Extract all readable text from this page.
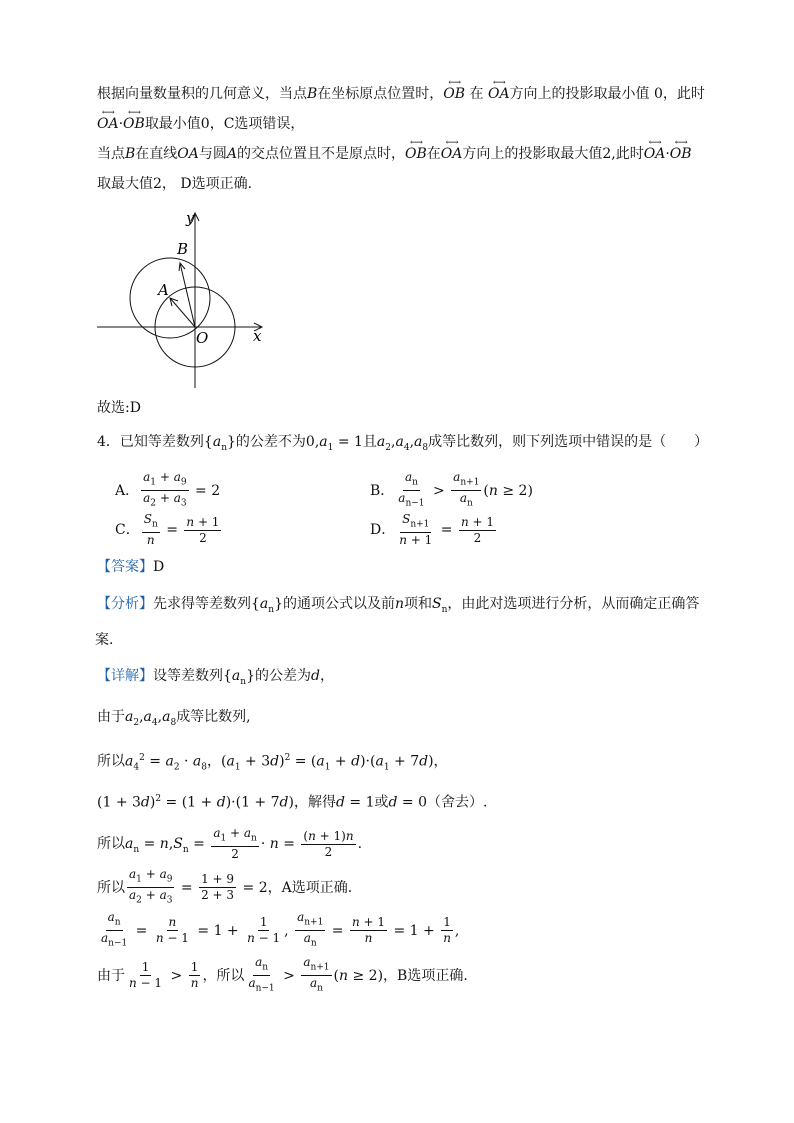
根据向量数量积的几何意义，当点B在坐标原点位置时，⟷ OB 在 ⟷ OA方向上的投影取最小值 0，此时
⟷ OA·⟷ OB取最小值0，C选项错误，
当点B在直线OA与圆A的交点位置且不是原点时，⟷ OB在⟷ OA方向上的投影取最大值2,此时⟷ OA·⟷ OB
取最大值2， D选项正确.
y
B
A
O	x
故选:D
4．已知等差数列$\{a_n\}$的公差不为$0,a_1 = 1$且$a_2,a_4,a_8$成等比数列，则下列选项中错误的是（　　）
A． $\frac{a_1 + a_9}{a_2 + a_3} = 2$	B． $\frac{a_n}{a_{n-1}} > \frac{a_{n+1}}{a_n} (n \ge 2)$
C． $\frac{S_n}{n} = \frac{n + 1}{2}$	D． $\frac{S_{n+1}}{n + 1} = \frac{n + 1}{2}$
【答案】D
【分析】先求得等差数列$\{a_n\}$的通项公式以及前n项和$S_n$，由此对选项进行分析，从而确定正确答
案.
【详解】设等差数列$\{a_n\}$的公差为d，
由于$a_2,a_4,a_8$成等比数列,
所以$a_4^2 = a_2 \cdot a_8$，$(a_1 + 3d)^2 = (a_1 + d)\cdot(a_1 + 7d)$，
$(1 + 3d)^2 = (1 + d)\cdot(1 + 7d)$，解得d = 1或d = 0（舍去）.
所以$a_n = n,S_n = \frac{a_1 + a_n}{2} \cdot n = \frac{(n + 1)n}{2}$ .
所以 $\frac{a_1 + a_9}{a_2 + a_3} = \frac{1 + 9}{2 + 3} = 2$，A选项正确.
$\frac{a_n}{a_{n-1}} = \frac{n}{n - 1} = 1 + \frac{1}{n - 1}$ , $\frac{a_{n+1}}{a_n} = \frac{n + 1}{n} = 1 + \frac{1}{n}$ ,
由于 $\frac{1}{n - 1} > \frac{1}{n}$ ，所以 $\frac{a_n}{a_{n-1}} > \frac{a_{n+1}}{a_n} (n \ge 2)$，B选项正确.
